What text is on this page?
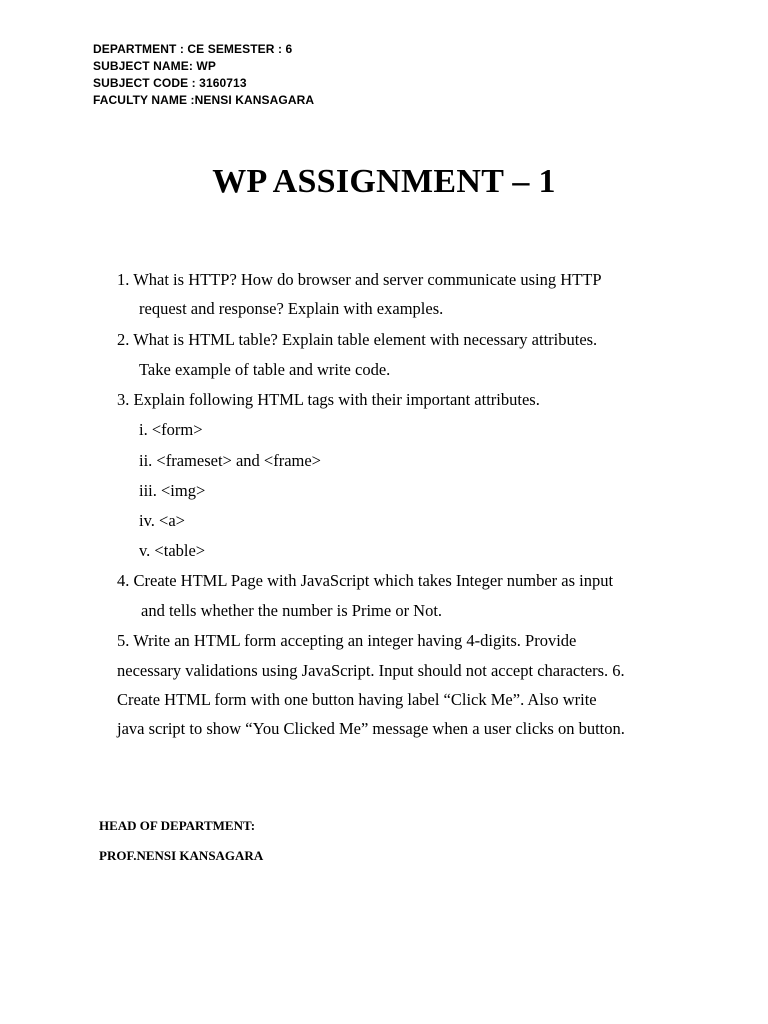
DEPARTMENT : CE SEMESTER : 6
SUBJECT NAME: WP
SUBJECT CODE : 3160713
FACULTY NAME :NENSI KANSAGARA
WP ASSIGNMENT – 1
1. What is HTTP? How do browser and server communicate using HTTP
request and response? Explain with examples.
2. What is HTML table? Explain table element with necessary attributes.
Take example of table and write code.
3. Explain following HTML tags with their important attributes.
i. <form>
ii. <frameset> and <frame>
iii. <img>
iv. <a>
v. <table>
4. Create HTML Page with JavaScript which takes Integer number as input
and tells whether the number is Prime or Not.
5. Write an HTML form accepting an integer having 4-digits. Provide
necessary validations using JavaScript. Input should not accept characters. 6.
Create HTML form with one button having label “Click Me”. Also write
java script to show “You Clicked Me” message when a user clicks on button.
HEAD OF DEPARTMENT:
PROF.NENSI KANSAGARA
